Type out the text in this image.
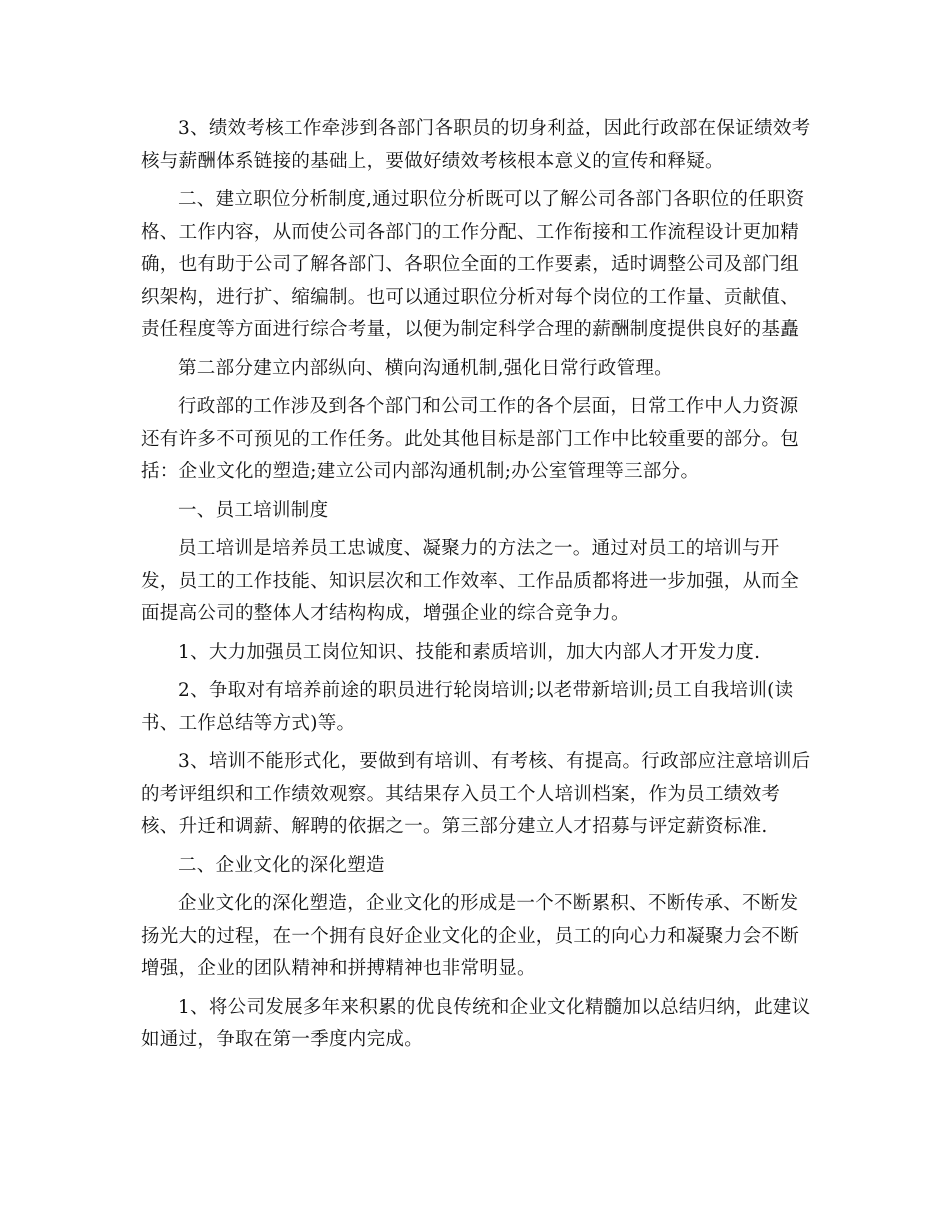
3、绩效考核工作牵涉到各部门各职员的切身利益，因此行政部在保证绩效考
核与薪酬体系链接的基础上，要做好绩效考核根本意义的宣传和释疑。

二、建立职位分析制度,通过职位分析既可以了解公司各部门各职位的任职资
格、工作内容，从而使公司各部门的工作分配、工作衔接和工作流程设计更加精
确，也有助于公司了解各部门、各职位全面的工作要素，适时调整公司及部门组
织架构，进行扩、缩编制。也可以通过职位分析对每个岗位的工作量、贡献值、
责任程度等方面进行综合考量，以便为制定科学合理的薪酬制度提供良好的基矗

第二部分建立内部纵向、横向沟通机制,强化日常行政管理。

行政部的工作涉及到各个部门和公司工作的各个层面，日常工作中人力资源
还有许多不可预见的工作任务。此处其他目标是部门工作中比较重要的部分。包
括：企业文化的塑造;建立公司内部沟通机制;办公室管理等三部分。

一、员工培训制度

员工培训是培养员工忠诚度、凝聚力的方法之一。通过对员工的培训与开
发，员工的工作技能、知识层次和工作效率、工作品质都将进一步加强，从而全
面提高公司的整体人才结构构成，增强企业的综合竞争力。

1、大力加强员工岗位知识、技能和素质培训，加大内部人才开发力度.

2、争取对有培养前途的职员进行轮岗培训;以老带新培训;员工自我培训(读
书、工作总结等方式)等。

3、培训不能形式化，要做到有培训、有考核、有提高。行政部应注意培训后
的考评组织和工作绩效观察。其结果存入员工个人培训档案，作为员工绩效考
核、升迁和调薪、解聘的依据之一。第三部分建立人才招募与评定薪资标准.

二、企业文化的深化塑造

企业文化的深化塑造，企业文化的形成是一个不断累积、不断传承、不断发
扬光大的过程，在一个拥有良好企业文化的企业，员工的向心力和凝聚力会不断
增强，企业的团队精神和拼搏精神也非常明显。

1、将公司发展多年来积累的优良传统和企业文化精髓加以总结归纳，此建议
如通过，争取在第一季度内完成。
